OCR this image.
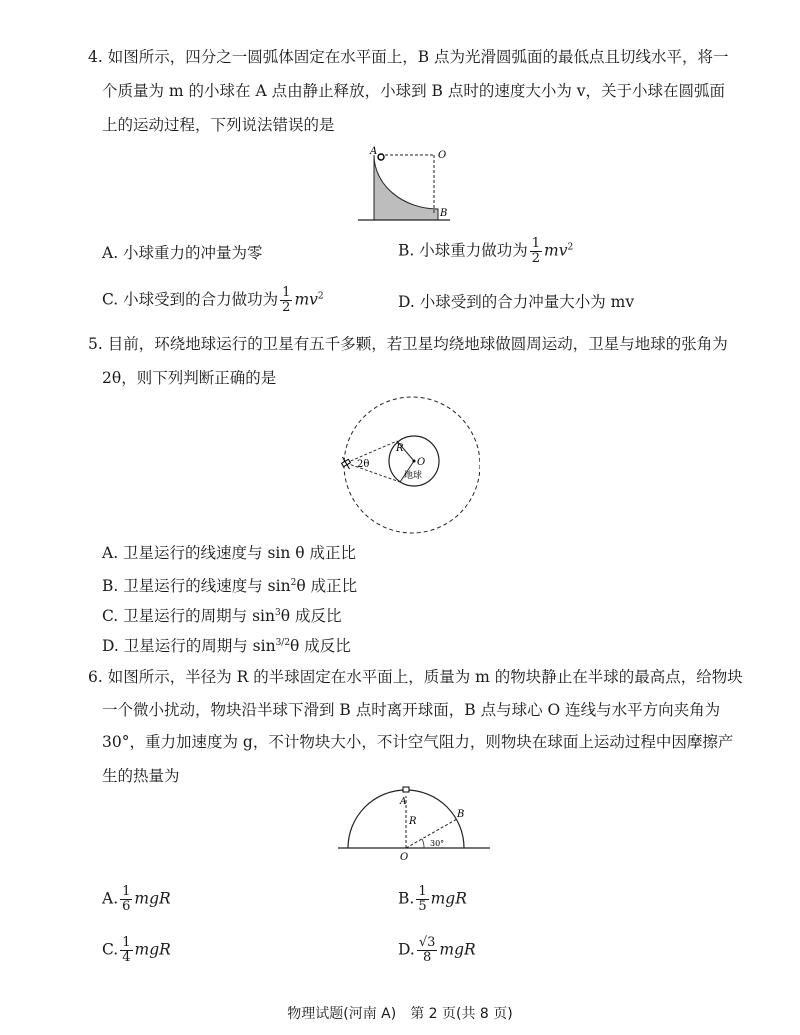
4. 如图所示，四分之一圆弧体固定在水平面上，B 点为光滑圆弧面的最低点且切线水平，将一
个质量为 m 的小球在 A 点由静止释放，小球到 B 点时的速度大小为 v，关于小球在圆弧面
上的运动过程，下列说法错误的是
A	O
B
A. 小球重力的冲量为零	B. 小球重力做功为 $\frac{1}{2} mv^2$
C. 小球受到的合力做功为 $\frac{1}{2} mv^2$	D. 小球受到的合力冲量大小为 mv
5. 目前，环绕地球运行的卫星有五千多颗，若卫星均绕地球做圆周运动，卫星与地球的张角为
2θ，则下列判断正确的是
2θ
R
O
地球
A. 卫星运行的线速度与 sin θ 成正比
B. 卫星运行的线速度与 $\sin^2\theta$ 成正比
C. 卫星运行的周期与 $\sin^3\theta$ 成反比
D. 卫星运行的周期与 $\sin^{3/2}\theta$ 成反比
6. 如图所示，半径为 R 的半球固定在水平面上，质量为 m 的物块静止在半球的最高点，给物块
一个微小扰动，物块沿半球下滑到 B 点时离开球面，B 点与球心 O 连线与水平方向夹角为
30°，重力加速度为 g，不计物块大小，不计空气阻力，则物块在球面上运动过程中因摩擦产
生的热量为
A
R
B
O
30°
A. $\frac{1}{6}$ mgR	B. $\frac{1}{5}$ mgR
C. $\frac{1}{4}$ mgR	D. $\frac{√3}{8}$ mgR
物理试题(河南 A)　第 2 页(共 8 页)
